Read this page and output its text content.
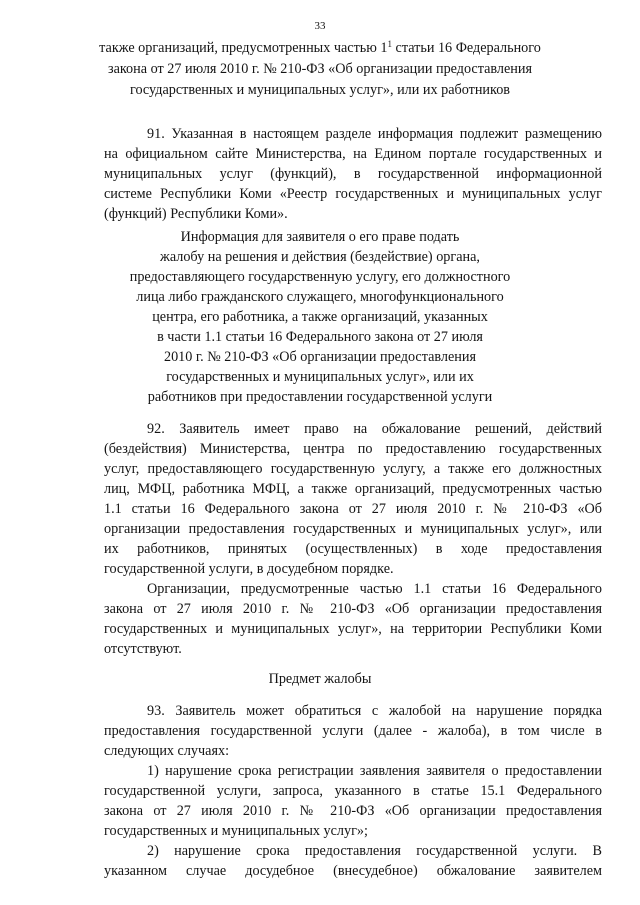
33
также организаций, предусмотренных частью $1^1$ статьи 16 Федерального
закона от 27 июля 2010 г. № 210-ФЗ «Об организации предоставления
государственных и муниципальных услуг», или их работников
91. Указанная в настоящем разделе информация подлежит размещению
на официальном сайте Министерства, на Едином портале государственных и
муниципальных услуг (функций), в государственной информационной
системе Республики Коми «Реестр государственных и муниципальных услуг
(функций) Республики Коми».
Информация для заявителя о его праве подать
жалобу на решения и действия (бездействие) органа,
предоставляющего государственную услугу, его должностного
лица либо гражданского служащего, многофункционального
центра, его работника, а также организаций, указанных
в части 1.1 статьи 16 Федерального закона от 27 июля
2010 г. № 210-ФЗ «Об организации предоставления
государственных и муниципальных услуг», или их
работников при предоставлении государственной услуги
92. Заявитель имеет право на обжалование решений, действий
(бездействия) Министерства, центра по предоставлению государственных
услуг, предоставляющего государственную услугу, а также его должностных
лиц, МФЦ, работника МФЦ, а также организаций, предусмотренных частью
1.1 статьи 16 Федерального закона от 27 июля 2010 г. № 210-ФЗ «Об
организации предоставления государственных и муниципальных услуг», или
их работников, принятых (осуществленных) в ходе предоставления
государственной услуги, в досудебном порядке.
Организации, предусмотренные частью 1.1 статьи 16 Федерального
закона от 27 июля 2010 г. № 210-ФЗ «Об организации предоставления
государственных и муниципальных услуг», на территории Республики Коми
отсутствуют.
Предмет жалобы
93. Заявитель может обратиться с жалобой на нарушение порядка
предоставления государственной услуги (далее - жалоба), в том числе в
следующих случаях:
1) нарушение срока регистрации заявления заявителя о предоставлении
государственной услуги, запроса, указанного в статье 15.1 Федерального
закона от 27 июля 2010 г. № 210-ФЗ «Об организации предоставления
государственных и муниципальных услуг»;
2) нарушение срока предоставления государственной услуги. В
указанном случае досудебное (внесудебное) обжалование заявителем
